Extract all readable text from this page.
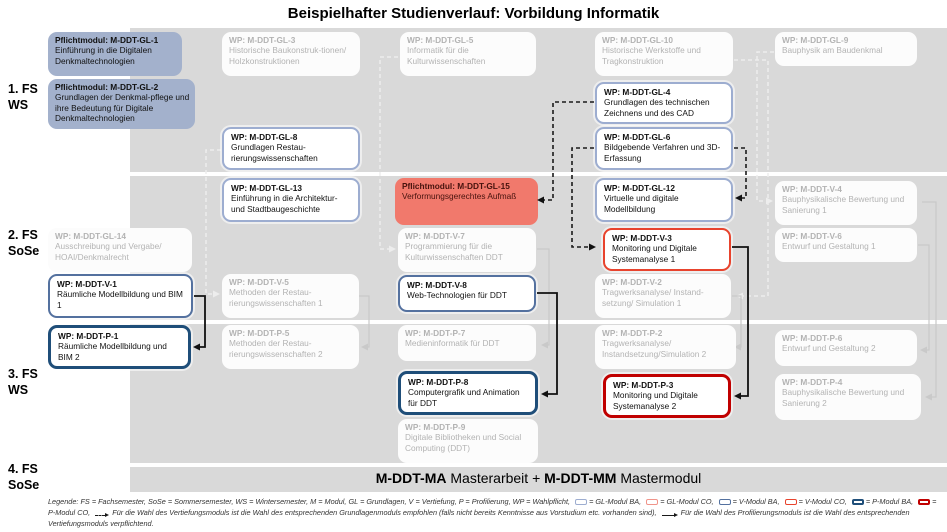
Beispielhafter Studienverlauf: Vorbildung Informatik
1. FS
WS
2. FS
SoSe
3. FS
WS
4. FS
SoSe
Pflichtmodul: M-DDT-GL-1
Einführung in die Digitalen Denkmaltechnologien
Pflichtmodul: M-DDT-GL-2
Grundlagen der Denkmal-pflege und ihre Bedeutung für Digitale Denkmaltechnologien
WP: M-DDT-GL-3
Historische Baukonstruk-tionen/ Holzkonstruktionen
WP: M-DDT-GL-5
Informatik für die Kulturwissenschaften
WP: M-DDT-GL-10
Historische Werkstoffe und Tragkonstruktion
WP: M-DDT-GL-9
Bauphysik am Baudenkmal
WP: M-DDT-GL-4
Grundlagen des technischen Zeichnens und des CAD
WP: M-DDT-GL-8
Grundlagen Restau-rierungswissenschaften
WP: M-DDT-GL-6
Bildgebende Verfahren und 3D-Erfassung
WP: M-DDT-GL-13
Einführung in die Architektur- und Stadtbaugeschichte
Pflichtmodul: M-DDT-GL-15
Verformungsgerechtes Aufmaß
WP: M-DDT-GL-12
Virtuelle und digitale Modellbildung
WP: M-DDT-V-4
Bauphysikalische Bewertung und Sanierung 1
WP: M-DDT-GL-14
Ausschreibung und Vergabe/ HOAI/Denkmalrecht
WP: M-DDT-V-7
Programmierung für die Kulturwissenschaften DDT
WP: M-DDT-V-3
Monitoring und Digitale Systemanalyse 1
WP: M-DDT-V-6
Entwurf und Gestaltung 1
WP: M-DDT-V-1
Räumliche Modellbildung und BIM 1
WP: M-DDT-V-5
Methoden der Restau-rierungswissenschaften 1
WP: M-DDT-V-8
Web-Technologien für DDT
WP: M-DDT-V-2
Tragwerksanalyse/ Instand-setzung/ Simulation 1
WP: M-DDT-P-1
Räumliche Modellbildung und BIM 2
WP: M-DDT-P-5
Methoden der Restau-rierungswissenschaften 2
WP: M-DDT-P-7
Medieninformatik für DDT
WP: M-DDT-P-2
Tragwerksanalyse/ Instandsetzung/Simulation 2
WP: M-DDT-P-6
Entwurf und Gestaltung 2
WP: M-DDT-P-8
Computergrafik und Animation für DDT
WP: M-DDT-P-3
Monitoring und Digitale Systemanalyse 2
WP: M-DDT-P-4
Bauphysikalische Bewertung und Sanierung 2
WP: M-DDT-P-9
Digitale Bibliotheken und Social Computing (DDT)
M-DDT-MA Masterarbeit + M-DDT-MM Mastermodul
Legende: FS = Fachsemester, SoSe = Sommersemester, WS = Wintersemester, M = Modul, GL = Grundlagen, V = Vertiefung, P = Profilierung, WP = Wahlpflicht,	= GL-Modul BA,	= GL-Modul CO,	= V-Modul BA,	= V-Modul CO,	= P-Modul BA,	= P-Modul CO,	Für die Wahl des Vertiefungsmoduls ist die Wahl des entsprechenden Grundlagenmoduls empfohlen (falls nicht bereits Kenntnisse aus Vorstudium etc. vorhanden sind),	Für die Wahl des Profilierungsmoduls ist die Wahl des entsprechenden Vertiefungsmoduls verpflichtend.
